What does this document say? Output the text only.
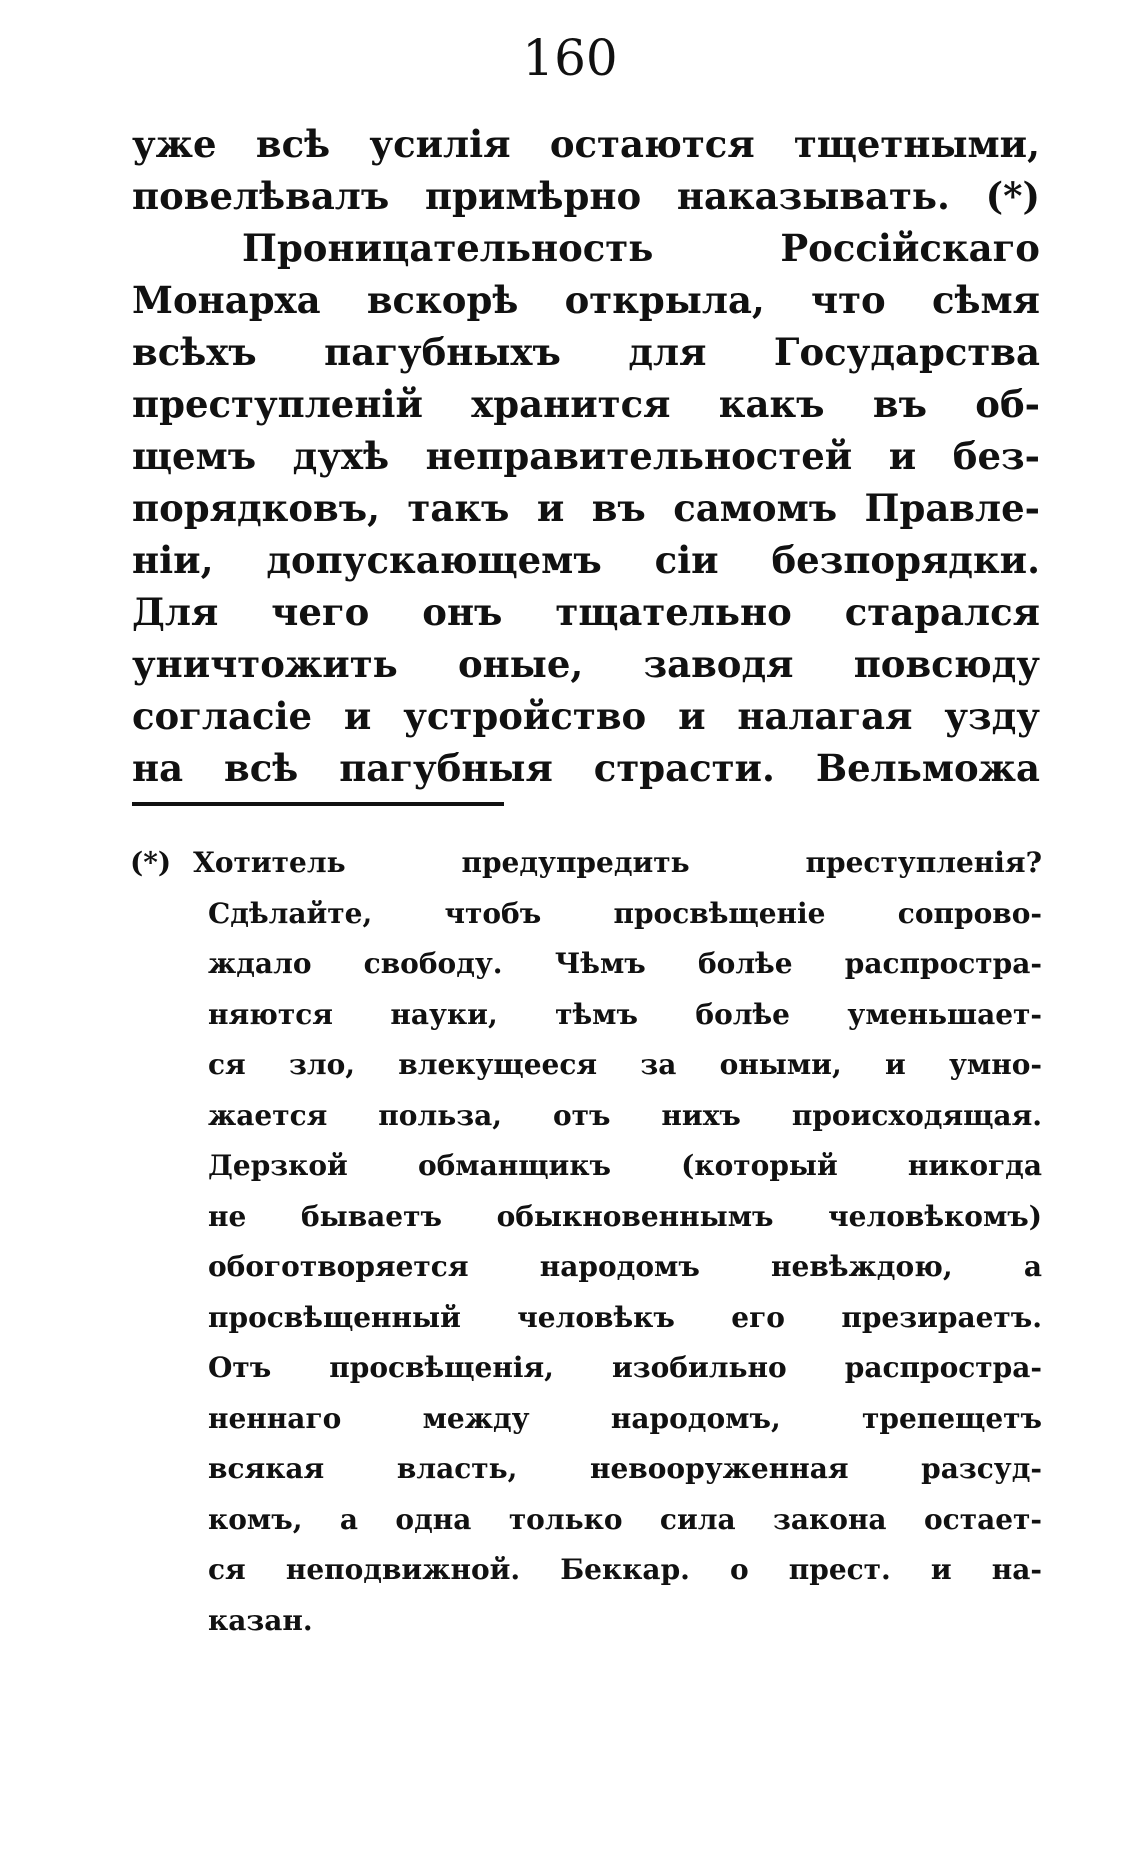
160
уже всѣ усилія остаются тщетными,
повелѣвалъ примѣрно наказывать. (*)
Проницательность Россійскаго
Монарха вскорѣ открыла, что сѣмя
всѣхъ пагубныхъ для Государства
преступленій хранится какъ въ об-
щемъ духѣ неправительностей и без-
порядковъ, такъ и въ самомъ Правле-
ніи, допускающемъ сіи безпорядки.
Для чего онъ тщательно старался
уничтожить оные, заводя повсюду
согласіе и устройство и налагая узду
на всѣ пагубныя страсти. Вельможа
(*) Хотитель предупредить преступленія?
Сдѣлайте, чтобъ просвѣщеніе сопрово-
ждало свободу. Чѣмъ болѣе распростра-
няются науки, тѣмъ болѣе уменьшает-
ся зло, влекущееся за оными, и умно-
жается польза, отъ нихъ происходящая.
Дерзкой обманщикъ (который никогда
не бываетъ обыкновеннымъ человѣкомъ)
обоготворяется народомъ невѣждою, а
просвѣщенный человѣкъ его презираетъ.
Отъ просвѣщенія, изобильно распростра-
неннаго между народомъ, трепещетъ
всякая власть, невооруженная разсуд-
комъ, а одна только сила закона остает-
ся неподвижной. Беккар. о прест. и на-
казан.
